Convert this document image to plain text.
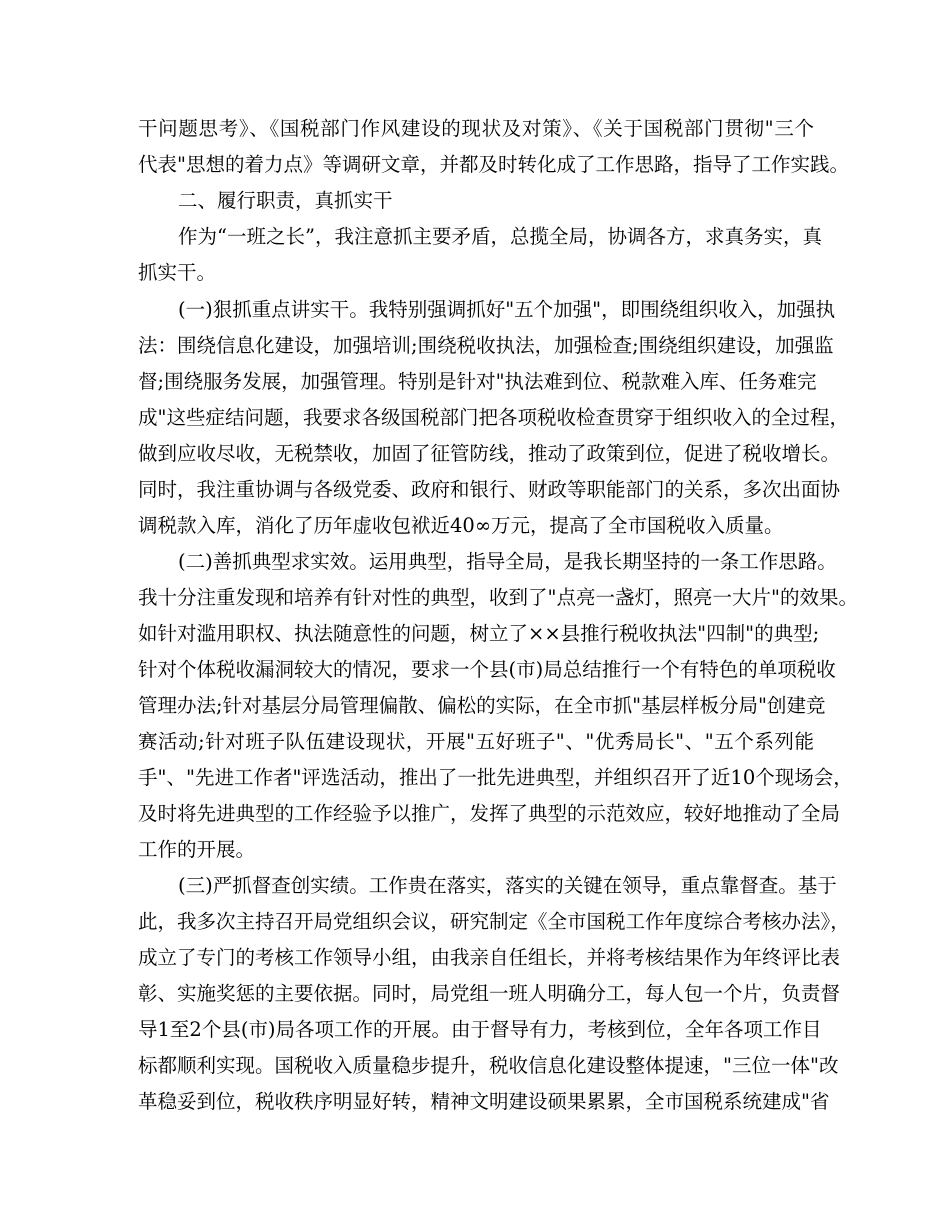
干问题思考》、《国税部门作风建设的现状及对策》、《关于国税部门贯彻"三个
代表"思想的着力点》等调研文章，并都及时转化成了工作思路，指导了工作实践。
二、履行职责，真抓实干
作为“一班之长”，我注意抓主要矛盾，总揽全局，协调各方，求真务实，真
抓实干。
(一)狠抓重点讲实干。我特别强调抓好"五个加强"，即围绕组织收入，加强执
法：围绕信息化建设，加强培训;围绕税收执法，加强检查;围绕组织建设，加强监
督;围绕服务发展，加强管理。特别是针对"执法难到位、税款难入库、任务难完
成"这些症结问题，我要求各级国税部门把各项税收检查贯穿于组织收入的全过程，
做到应收尽收，无税禁收，加固了征管防线，推动了政策到位，促进了税收增长。
同时，我注重协调与各级党委、政府和银行、财政等职能部门的关系，多次出面协
调税款入库，消化了历年虚收包袱近40∞万元，提高了全市国税收入质量。
(二)善抓典型求实效。运用典型，指导全局，是我长期坚持的一条工作思路。
我十分注重发现和培养有针对性的典型，收到了"点亮一盏灯，照亮一大片"的效果。
如针对滥用职权、执法随意性的问题，树立了××县推行税收执法"四制"的典型;
针对个体税收漏洞较大的情况，要求一个县(市)局总结推行一个有特色的单项税收
管理办法;针对基层分局管理偏散、偏松的实际，在全市抓"基层样板分局"创建竞
赛活动;针对班子队伍建设现状，开展"五好班子"、"优秀局长"、"五个系列能
手"、"先进工作者"评选活动，推出了一批先进典型，并组织召开了近10个现场会，
及时将先进典型的工作经验予以推广，发挥了典型的示范效应，较好地推动了全局
工作的开展。
(三)严抓督查创实绩。工作贵在落实，落实的关键在领导，重点靠督查。基于
此，我多次主持召开局党组织会议，研究制定《全市国税工作年度综合考核办法》，
成立了专门的考核工作领导小组，由我亲自任组长，并将考核结果作为年终评比表
彰、实施奖惩的主要依据。同时，局党组一班人明确分工，每人包一个片，负责督
导1至2个县(市)局各项工作的开展。由于督导有力，考核到位，全年各项工作目
标都顺利实现。国税收入质量稳步提升，税收信息化建设整体提速，"三位一体"改
革稳妥到位，税收秩序明显好转，精神文明建设硕果累累，全市国税系统建成"省
